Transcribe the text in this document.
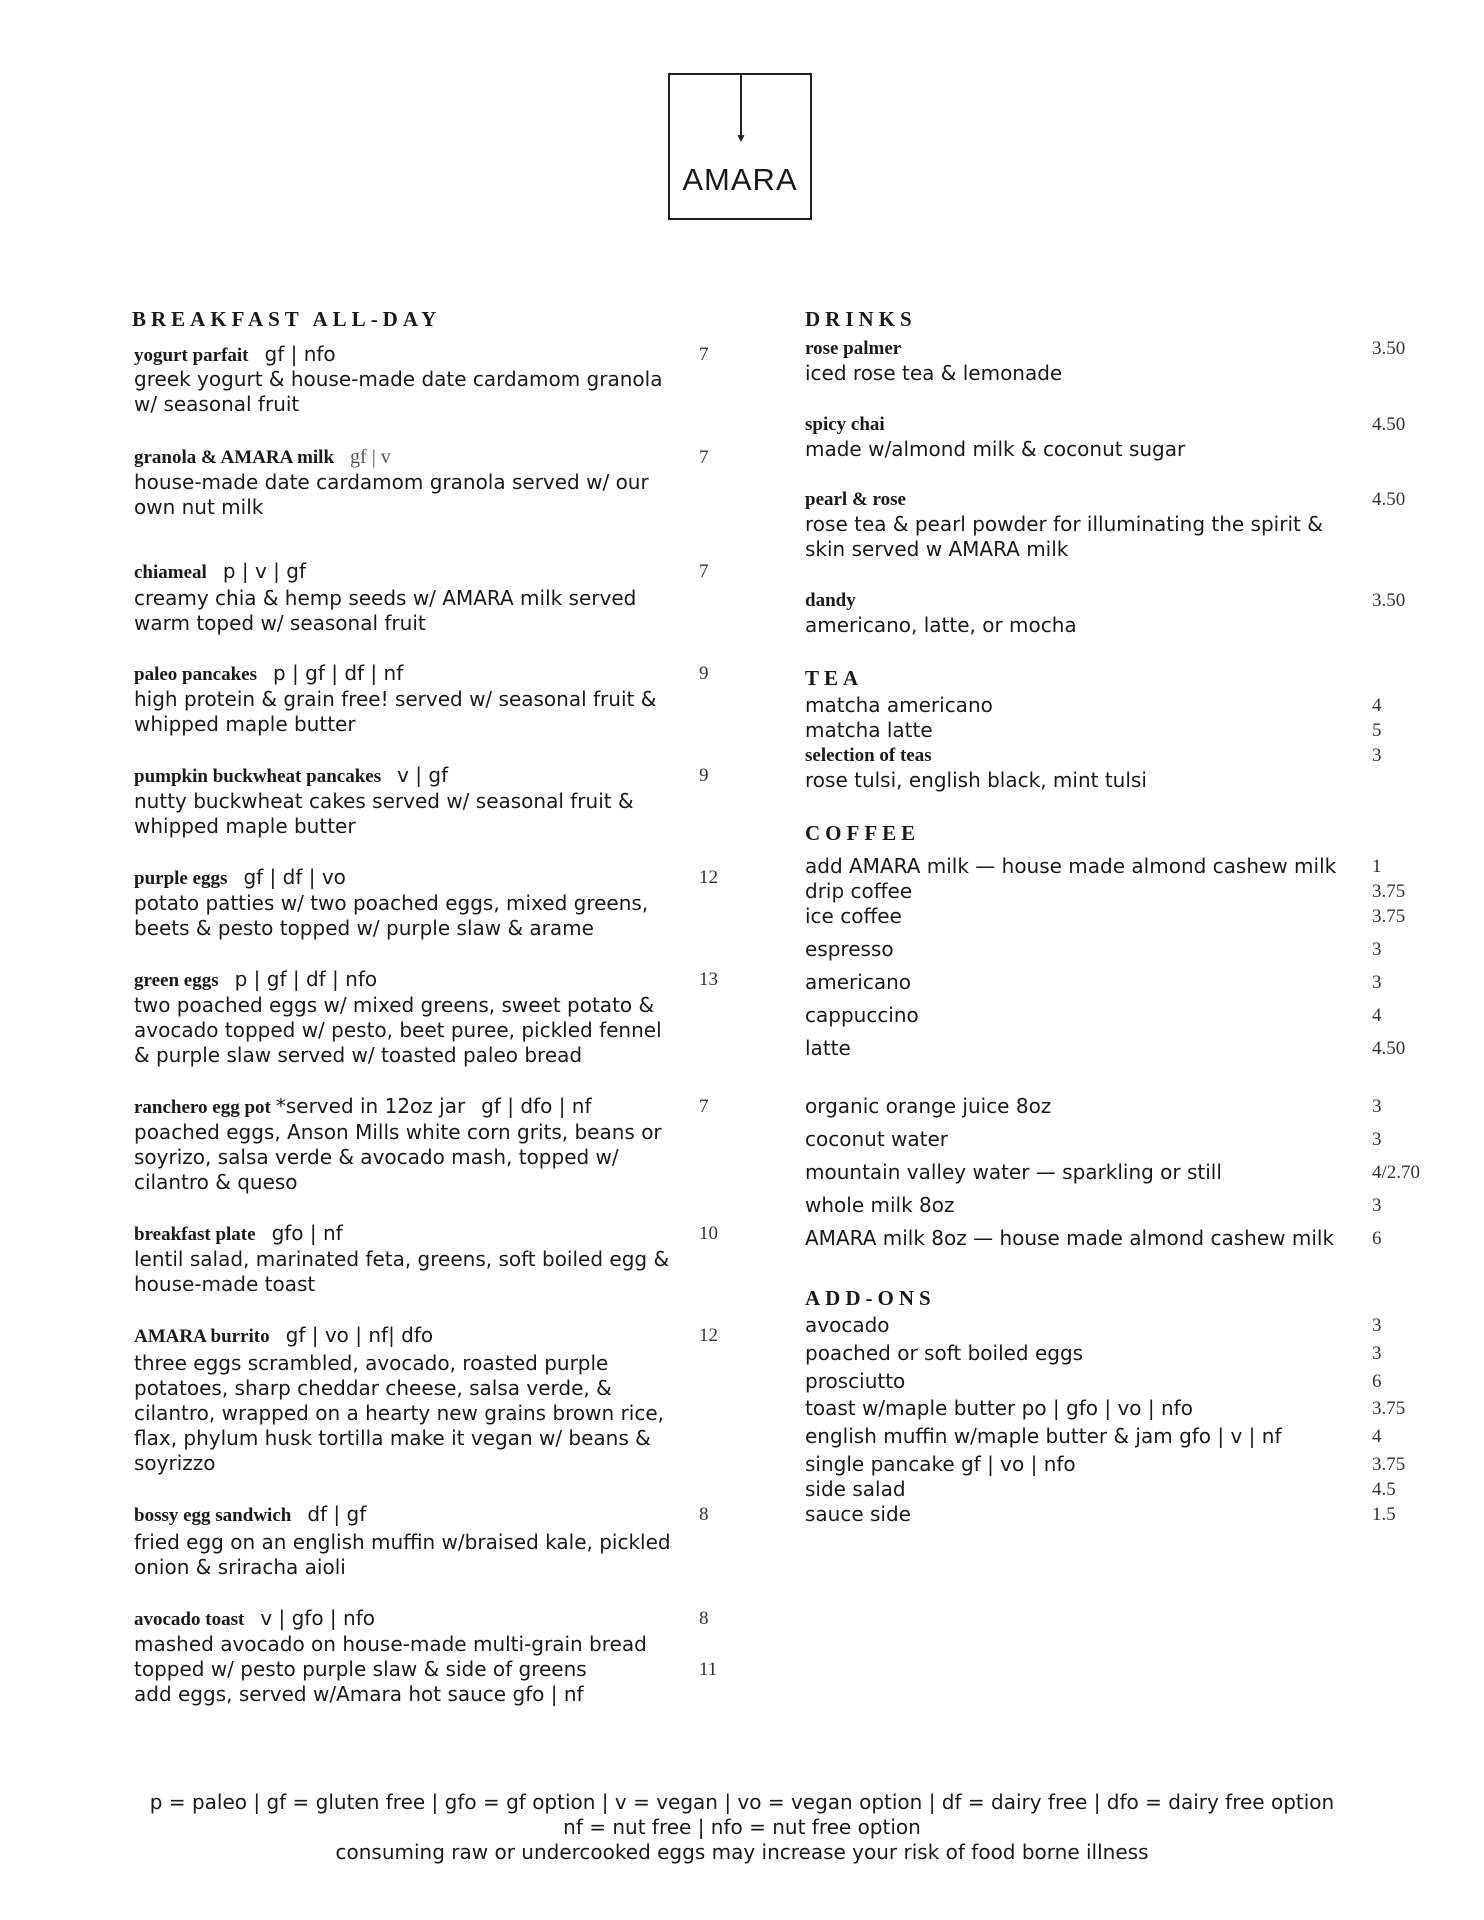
▼
AMARA
BREAKFAST ALL-DAY
yogurt parfait gf | nfo	7
greek yogurt & house-made date cardamom granola
w/ seasonal fruit
granola & AMARA milk gf | v	7
house-made date cardamom granola served w/ our
own nut milk
chiameal p | v | gf	7
creamy chia & hemp seeds w/ AMARA milk served
warm toped w/ seasonal fruit
paleo pancakes p | gf | df | nf	9
high protein & grain free! served w/ seasonal fruit &
whipped maple butter
pumpkin buckwheat pancakes v | gf	9
nutty buckwheat cakes served w/ seasonal fruit &
whipped maple butter
purple eggs gf | df | vo	12
potato patties w/ two poached eggs, mixed greens,
beets & pesto topped w/ purple slaw & arame
green eggs p | gf | df | nfo	13
two poached eggs w/ mixed greens, sweet potato &
avocado topped w/ pesto, beet puree, pickled fennel
& purple slaw served w/ toasted paleo bread
ranchero egg pot *served in 12oz jar gf | dfo | nf	7
poached eggs, Anson Mills white corn grits, beans or
soyrizo, salsa verde & avocado mash, topped w/
cilantro & queso
breakfast plate gfo | nf	10
lentil salad, marinated feta, greens, soft boiled egg &
house-made toast
AMARA burrito gf | vo | nf| dfo	12
three eggs scrambled, avocado, roasted purple
potatoes, sharp cheddar cheese, salsa verde, &
cilantro, wrapped on a hearty new grains brown rice,
flax, phylum husk tortilla make it vegan w/ beans &
soyrizzo
bossy egg sandwich df | gf	8
fried egg on an english muffin w/braised kale, pickled
onion & sriracha aioli
avocado toast v | gfo | nfo	8
mashed avocado on house-made multi-grain bread
topped w/ pesto purple slaw & side of greens	11
add eggs, served w/Amara hot sauce gfo | nf
DRINKS
rose palmer	3.50
iced rose tea & lemonade
spicy chai	4.50
made w/almond milk & coconut sugar
pearl & rose	4.50
rose tea & pearl powder for illuminating the spirit &
skin served w AMARA milk
dandy	3.50
americano, latte, or mocha
TEA
matcha americano	4
matcha latte	5
selection of teas	3
rose tulsi, english black, mint tulsi
COFFEE
add AMARA milk — house made almond cashew milk 1
drip coffee	3.75
ice coffee	3.75
espresso	3
americano	3
cappuccino	4
latte	4.50
organic orange juice 8oz	3
coconut water	3
mountain valley water — sparkling or still	4/2.70
whole milk 8oz	3
AMARA milk 8oz — house made almond cashew milk 6
ADD-ONS
avocado	3
poached or soft boiled eggs	3
prosciutto	6
toast w/maple butter po | gfo | vo | nfo	3.75
english muffin w/maple butter & jam gfo | v | nf	4
single pancake gf | vo | nfo	3.75
side salad	4.5
sauce side	1.5
p = paleo | gf = gluten free | gfo = gf option | v = vegan | vo = vegan option | df = dairy free | dfo = dairy free option
nf = nut free | nfo = nut free option
consuming raw or undercooked eggs may increase your risk of food borne illness
